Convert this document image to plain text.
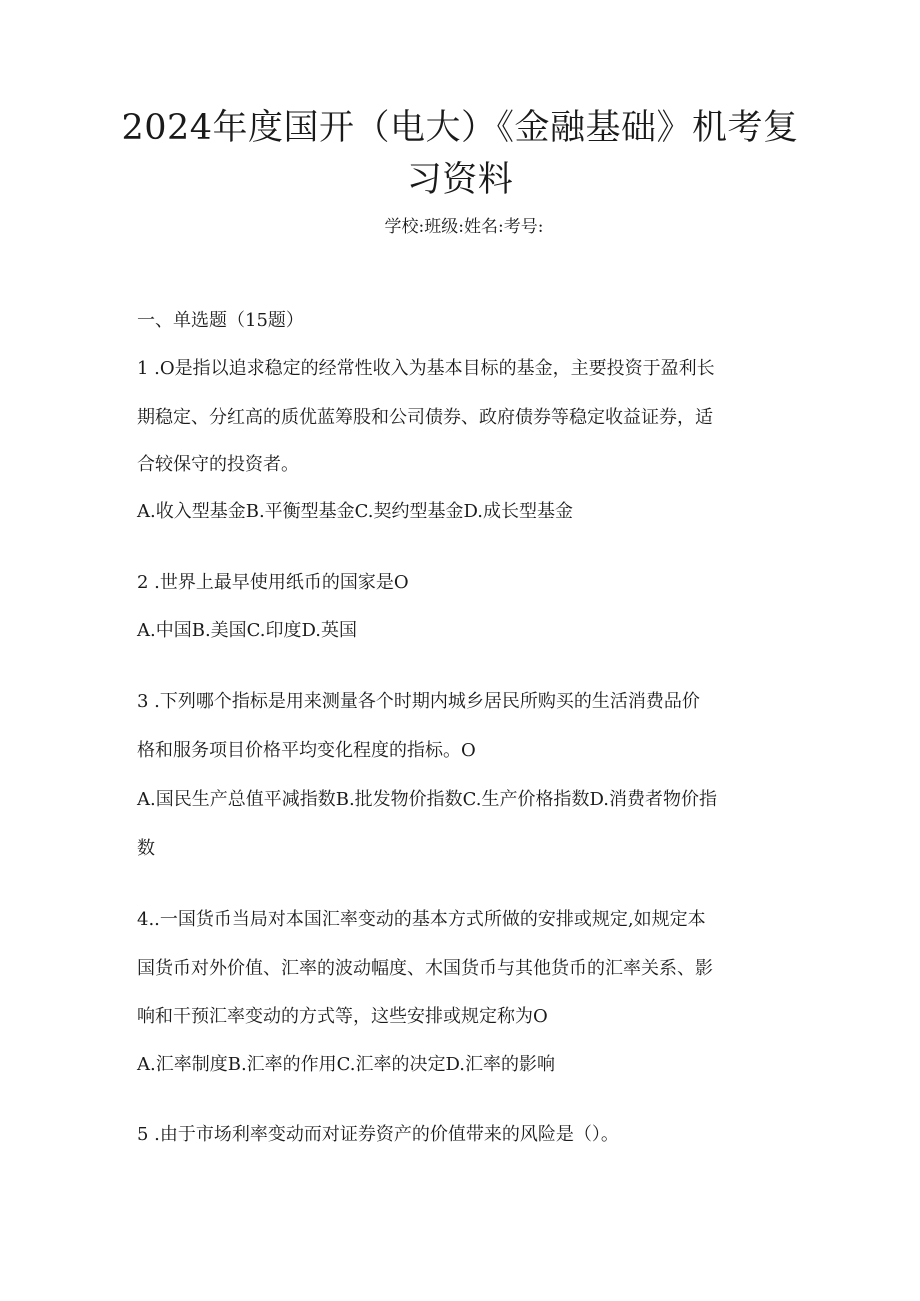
2024年度国开（电大）《金融基础》机考复
习资料
学校:班级:姓名:考号:
一、单选题（15题）
1 .O是指以追求稳定的经常性收入为基本目标的基金，主要投资于盈利长
期稳定、分红高的质优蓝筹股和公司债券、政府债券等稳定收益证券，适
合较保守的投资者。
A.收入型基金B.平衡型基金C.契约型基金D.成长型基金
2 .世界上最早使用纸币的国家是O
A.中国B.美国C.印度D.英国
3 .下列哪个指标是用来测量各个时期内城乡居民所购买的生活消费品价
格和服务项目价格平均变化程度的指标。O
A.国民生产总值平减指数B.批发物价指数C.生产价格指数D.消费者物价指
数
4..一国货币当局对本国汇率变动的基本方式所做的安排或规定,如规定本
国货币对外价值、汇率的波动幅度、木国货币与其他货币的汇率关系、影
响和干预汇率变动的方式等，这些安排或规定称为O
A.汇率制度B.汇率的作用C.汇率的决定D.汇率的影响
5 .由于市场利率变动而对证券资产的价值带来的风险是（）。
